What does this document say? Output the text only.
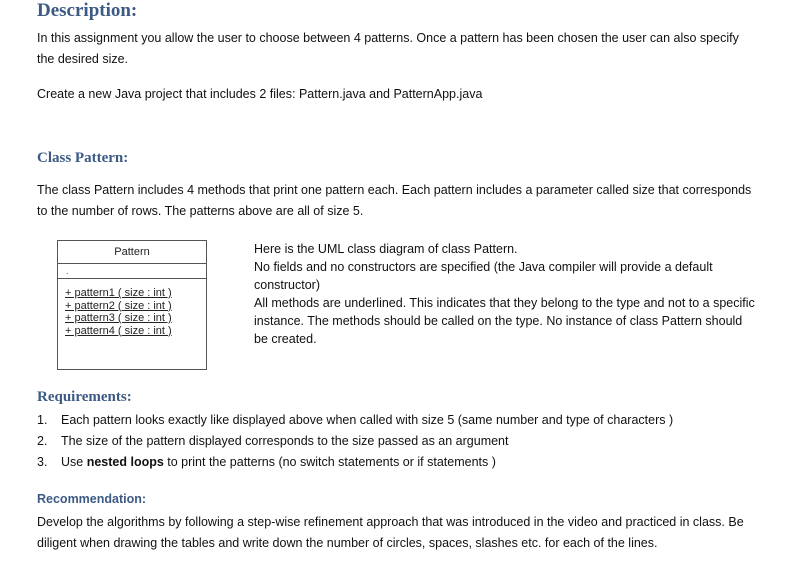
Description:

In this assignment you allow the user to choose between 4 patterns. Once a pattern has been chosen the user can also specify the desired size.

Create a new Java project that includes 2 files: Pattern.java and PatternApp.java

Class Pattern:

The class Pattern includes 4 methods that print one pattern each. Each pattern includes a parameter called size that corresponds to the number of rows. The patterns above are all of size 5.

Pattern
.
+ pattern1 ( size : int )
+ pattern2 ( size : int )
+ pattern3 ( size : int )
+ pattern4 ( size : int )
Here is the UML class diagram of class Pattern.
No fields and no constructors are specified (the Java compiler will provide a default constructor)
All methods are underlined. This indicates that they belong to the type and not to a specific instance. The methods should be called on the type. No instance of class Pattern should be created.
Requirements:
1.	Each pattern looks exactly like displayed above when called with size 5 (same number and type of characters )
2.	The size of the pattern displayed corresponds to the size passed as an argument
3.	Use nested loops to print the patterns (no switch statements or if statements )
Recommendation:

Develop the algorithms by following a step-wise refinement approach that was introduced in the video and practiced in class. Be diligent when drawing the tables and write down the number of circles, spaces, slashes etc. for each of the lines.
